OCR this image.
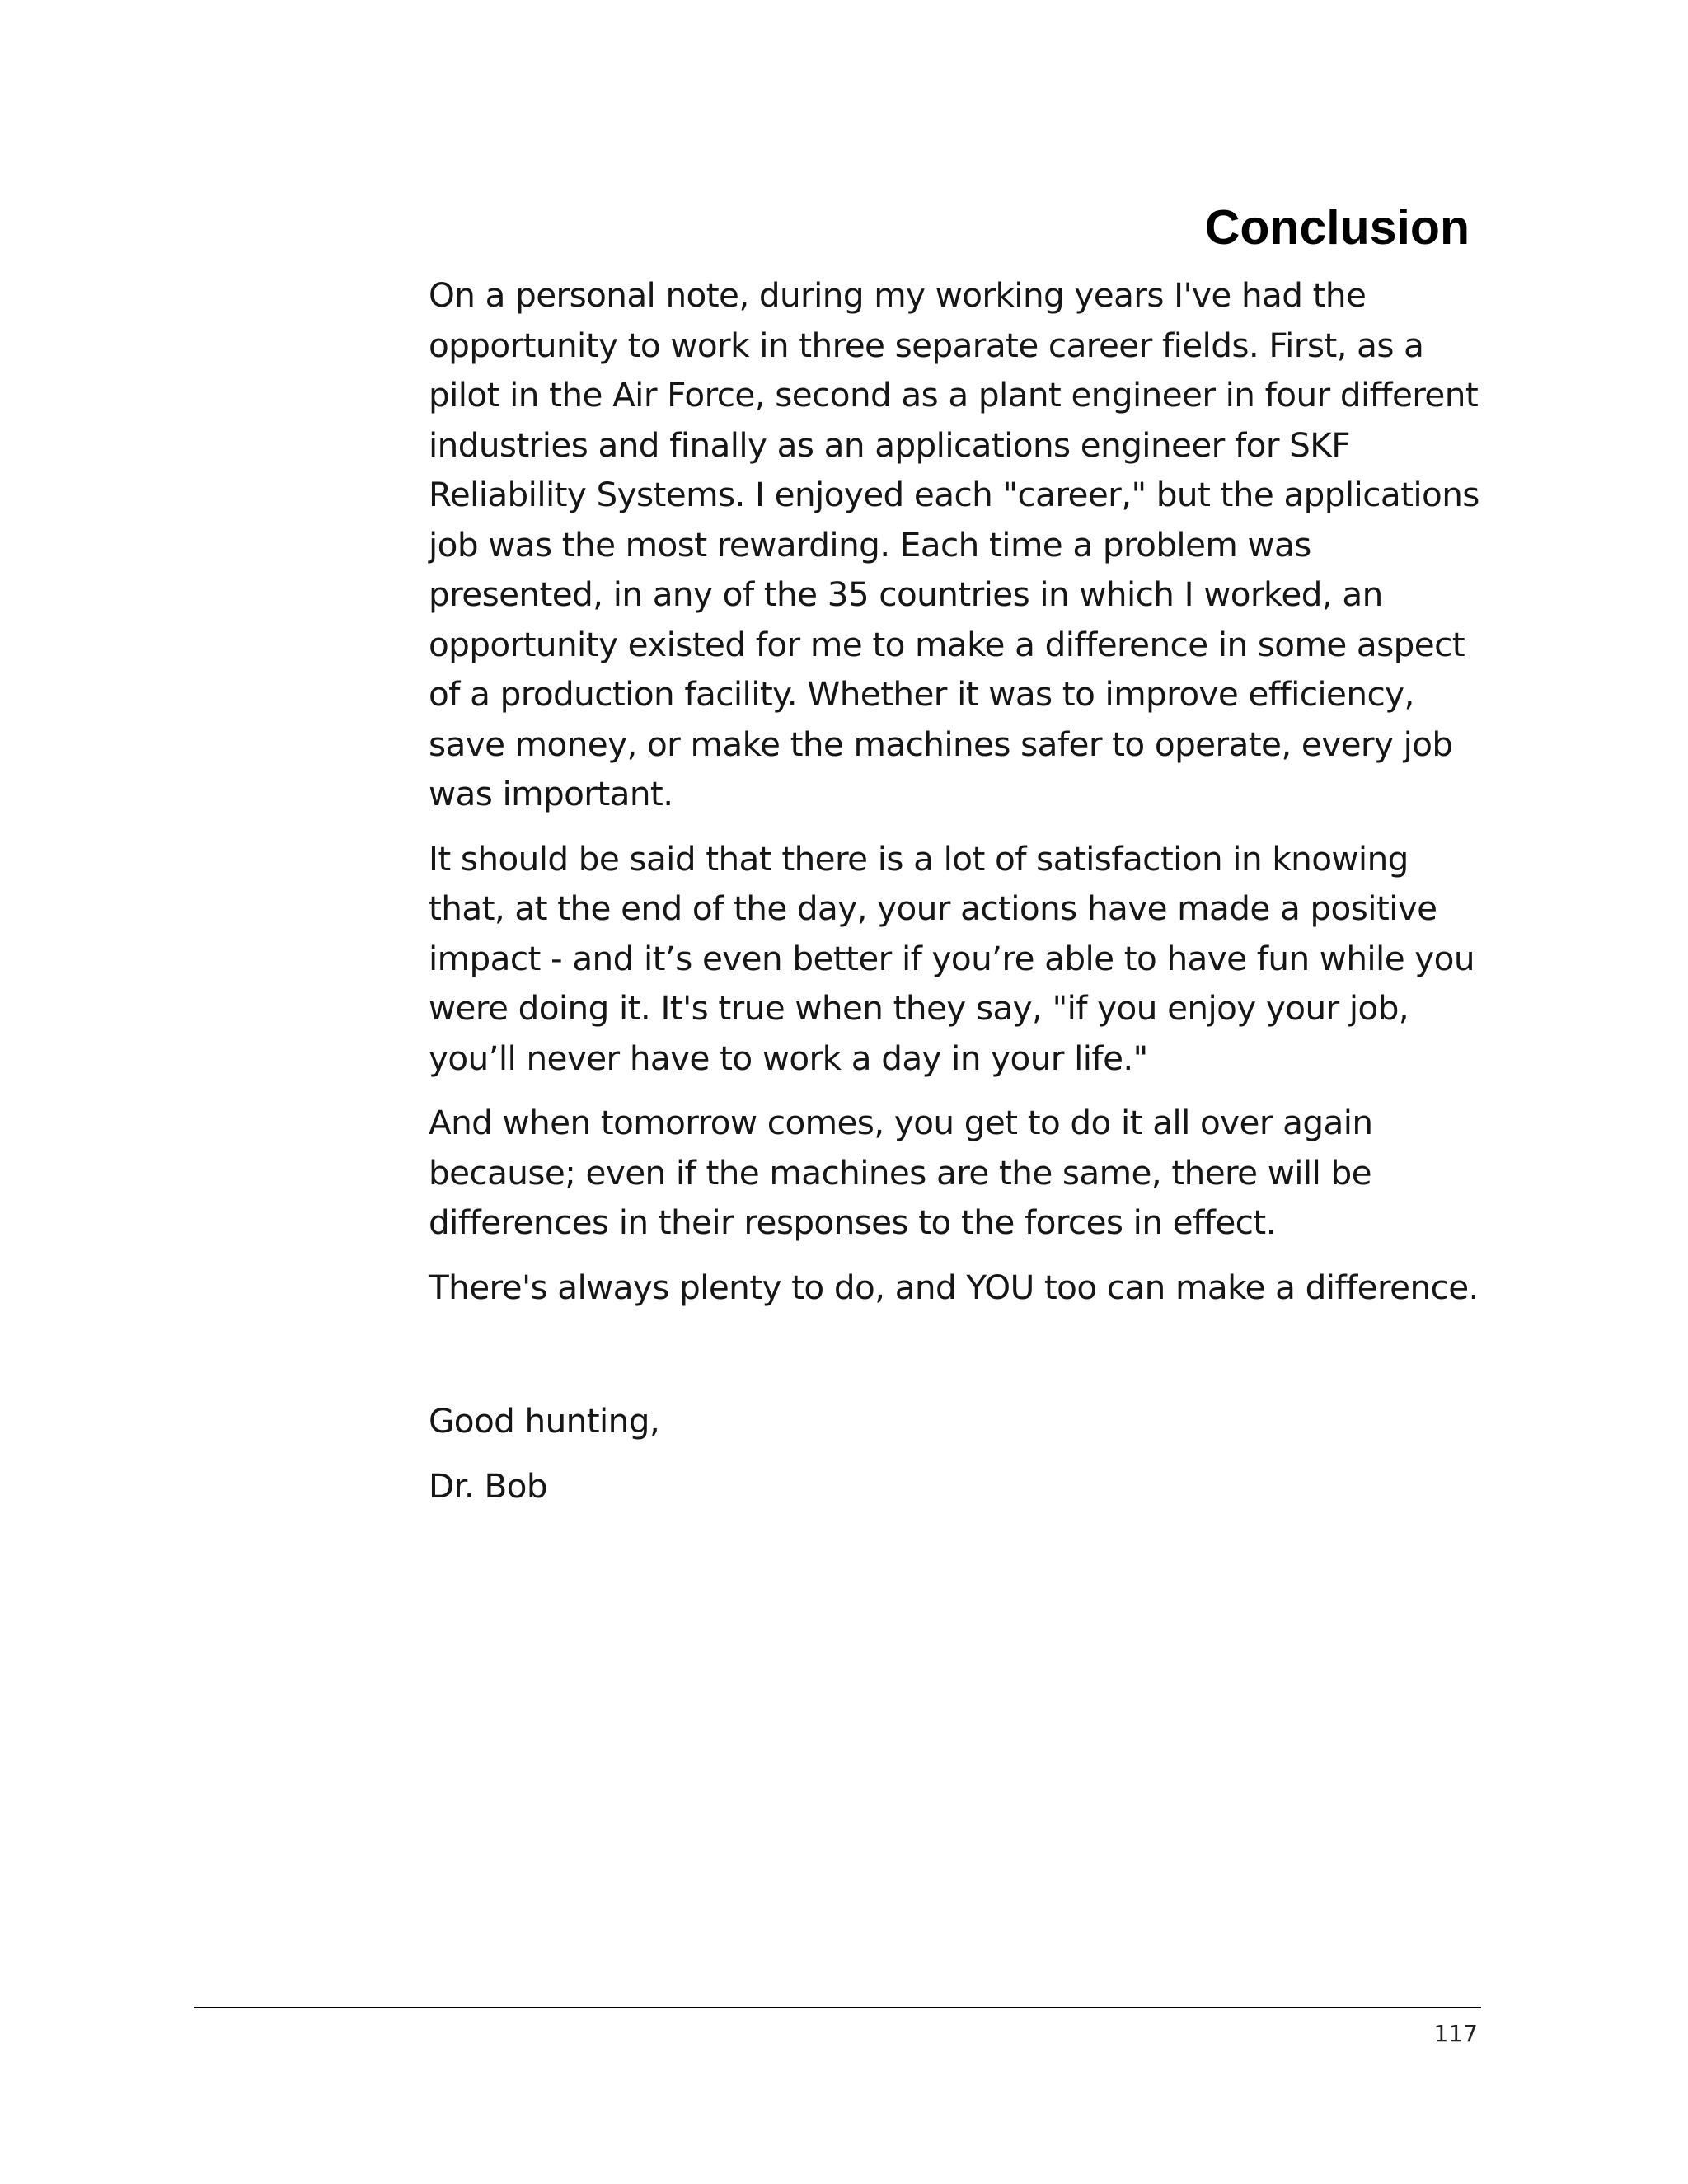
Conclusion

On a personal note, during my working years I've had the opportunity to work in three separate career fields. First, as a pilot in the Air Force, second as a plant engineer in four different industries and finally as an applications engineer for SKF Reliability Systems. I enjoyed each "career," but the applications job was the most rewarding. Each time a problem was presented, in any of the 35 countries in which I worked, an opportunity existed for me to make a difference in some aspect of a production facility. Whether it was to improve efficiency, save money, or make the machines safer to operate, every job was important.

It should be said that there is a lot of satisfaction in knowing that, at the end of the day, your actions have made a positive impact - and it’s even better if you’re able to have fun while you were doing it. It's true when they say, "if you enjoy your job, you’ll never have to work a day in your life."

And when tomorrow comes, you get to do it all over again because; even if the machines are the same, there will be differences in their responses to the forces in effect.

There's always plenty to do, and YOU too can make a difference.

Good hunting,

Dr. Bob

117
